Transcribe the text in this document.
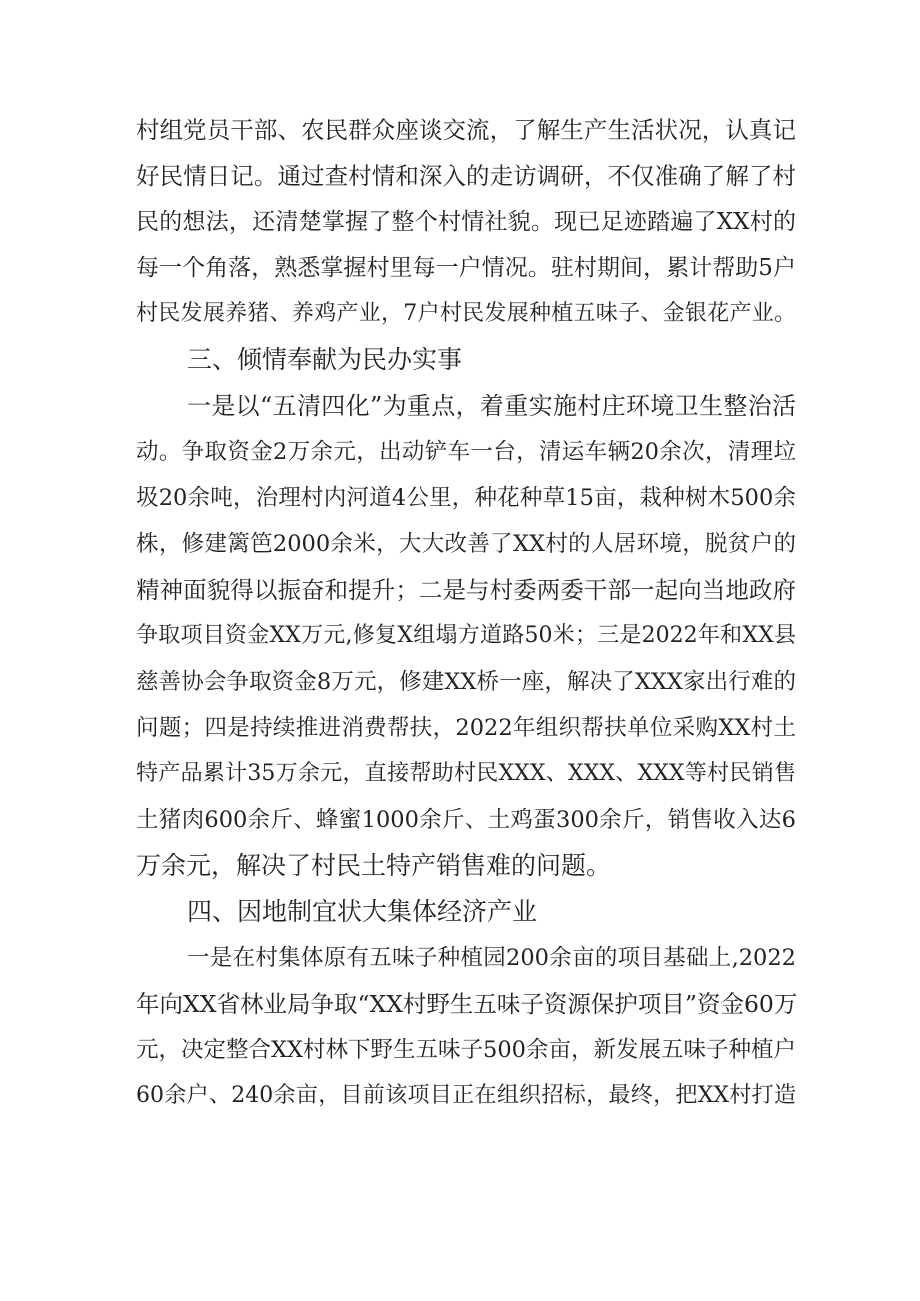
村组党员干部、农民群众座谈交流，了解生产生活状况，认真记

好民情日记。通过查村情和深入的走访调研，不仅准确了解了村

民的想法，还清楚掌握了整个村情社貌。现已足迹踏遍了XX村的

每一个角落，熟悉掌握村里每一户情况。驻村期间，累计帮助5户

村民发展养猪、养鸡产业，7户村民发展种植五味子、金银花产业。

三、倾情奉献为民办实事

一是以“五清四化”为重点，着重实施村庄环境卫生整治活

动。争取资金2万余元，出动铲车一台，清运车辆20余次，清理垃

圾20余吨，治理村内河道4公里，种花种草15亩，栽种树木500余

株，修建篱笆2000余米，大大改善了XX村的人居环境，脱贫户的

精神面貌得以振奋和提升；二是与村委两委干部一起向当地政府

争取项目资金XX万元,修复X组塌方道路50米；三是2022年和XX县

慈善协会争取资金8万元，修建XX桥一座，解决了XXX家出行难的

问题；四是持续推进消费帮扶，2022年组织帮扶单位采购XX村土

特产品累计35万余元，直接帮助村民XXX、XXX、XXX等村民销售

土猪肉600余斤、蜂蜜1000余斤、土鸡蛋300余斤，销售收入达6

万余元，解决了村民土特产销售难的问题。

四、因地制宜状大集体经济产业

一是在村集体原有五味子种植园200余亩的项目基础上,2022

年向XX省林业局争取“XX村野生五味子资源保护项目”资金60万

元，决定整合XX村林下野生五味子500余亩，新发展五味子种植户

60余户、240余亩，目前该项目正在组织招标，最终，把XX村打造
